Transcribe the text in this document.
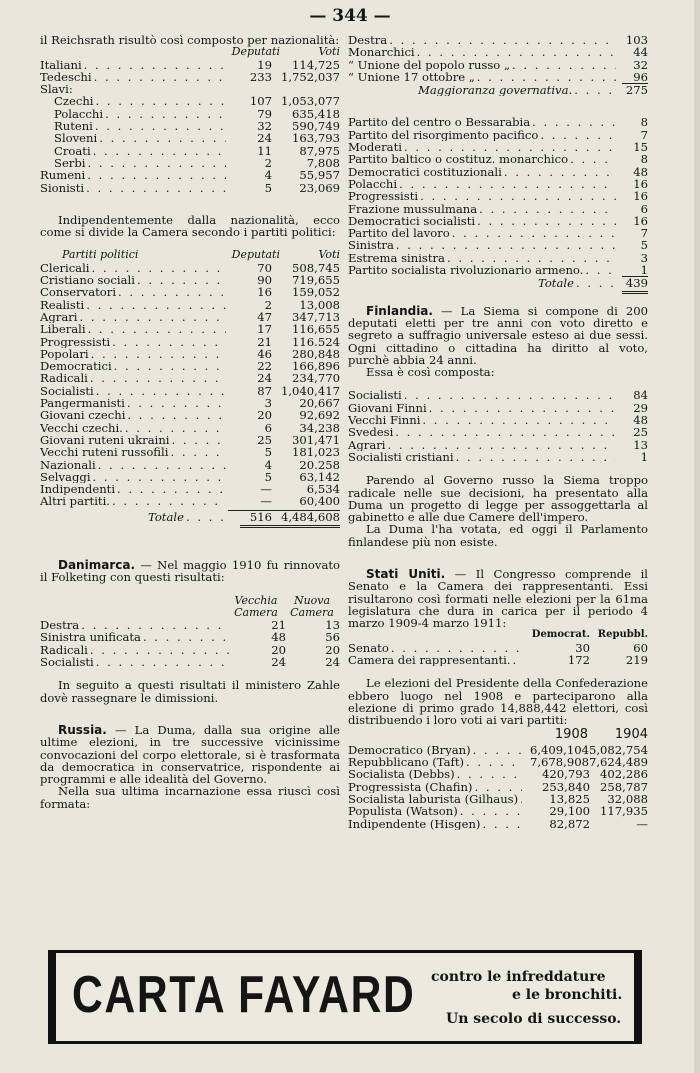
— 344 —

il Reichsrath risultò così composto per nazionalità:

Deputati	Voti
Italiani . . .	19	114,725
Tedeschi . . .	233 1,752,037
Slavi:
Czechi . . .	107 1,053,077
Polacchi . . .	79	635,418
Ruteni . . .	32	590,749
Sloveni . . .	24	163,793
Croati . . .	11	87,975
Serbi . . .	2	7,808
Rumeni . . .	4	55,957
Sionisti . . .	5	23,069

Indipendentemente dalla nazionalità, ecco come si divide la Camera secondo i partiti politici:

Partiti politici	Deputati	Voti
Clericali . . .	70	508,745
Cristiano sociali . . .	90	719,655
Conservatori . . .	16	159,052
Realisti . . .	2	13,008
Agrari . . .	47	347,713
Liberali . . .	17	116,655
Progressisti . . .	21	116.524
Popolari . . .	46	280,848
Democratici . . .	22	166,896
Radicali . . .	24	234,770
Socialisti . . .	87 1,040,417
Pangermanisti . . .	3	20,667
Giovani czechi . . .	20	92,692
Vecchi czechi. . . .	6	34,238
Giovani ruteni ukraini . . .	25	301,471
Vecchi ruteni russofili . . .	5	181,023
Nazionali . . .	4	20.258
Selvaggi . . .	5	63,142
Indipendenti . . .	—	6,534
Altri partiti. . . .	—	60,400
Totale . . .	516 4,484,608

Danimarca. — Nel maggio 1910 fu rinnovato il Folketing con questi risultati:

Vecchia	Nuova
Camera	Camera
Destra . . .	21	13
Sinistra unificata . . .	48	56
Radicali . . .	20	20
Socialisti . . .	24	24

In seguito a questi risultati il ministero Zahle dovè rassegnare le dimissioni.

Russia. — La Duma, dalla sua origine alle ultime elezioni, in tre successive vicinissime convocazioni del corpo elettorale, si è trasformata da democratica in conservatrice, rispondente ai programmi e alle idealità del Governo.

Nella sua ultima incarnazione essa riuscì così formata:

Destra . . .	103
Monarchici . . .	44
“ Unione del popolo russo „ . . .	32
“ Unione 17 ottobre „ . . .	96
Maggioranza governativa. . . .	275
Partito del centro o Bessarabia . . .	8
Partito del risorgimento pacifico . . .	7
Moderati . . .	15
Partito baltico o costituz. monarchico . . .	8
Democratici costituzionali . . .	48
Polacchi . . .	16
Progressisti . . .	16
Frazione mussulmana . . .	6
Democratici socialisti . . .	16
Partito del lavoro . . .	7
Sinistra . . .	5
Estrema sinistra . . .	3
Partito socialista rivoluzionario armeno. . . .	1
Totale . . .	439

Finlandia. — La Siema si compone di 200 deputati eletti per tre anni con voto diretto e segreto a suffragio universale esteso ai due sessi. Ogni cittadino o cittadina ha diritto al voto, purchè abbia 24 anni.

Essa è così composta:

Socialisti . . .	84
Giovani Finni . . .	29
Vecchi Finni . . .	48
Svedesi . . .	25
Agrari . . .	13
Socialisti cristiani . . .	1

Parendo al Governo russo la Siema troppo radicale nelle sue decisioni, ha presentato alla Duma un progetto di legge per assoggettarla al gabinetto e alle due Camere dell'impero.

La Duma l'ha votata, ed oggi il Parlamento finlandese più non esiste.

Stati Uniti. — Il Congresso comprende il Senato e la Camera dei rappresentanti. Essi risultarono così formati nelle elezioni per la 61ma legislatura che dura in carica per il periodo 4 marzo 1909-4 marzo 1911:

Democrat. Repubbl.
Senato . . .	30	60
Camera dei rappresentanti. . . .	172	219

Le elezioni del Presidente della Confederazione ebbero luogo nel 1908 e parteciparono alla elezione di primo grado 14,888,442 elettori, così distribuendo i loro voti ai vari partiti:

1908	1904
Democratico (Bryan) . . .	6,409,104 5,082,754
Repubblicano (Taft) . . .	7,678,908 7,624,489
Socialista (Debbs) . . .	420,793 402,286
Progressista (Chafin) . . .	253,840 258,787
Socialista laburista (Gilhaus) . . .	13,825	32,088
Populista (Watson) . . .	29,100 117,935
Indipendente (Hisgen) . . .	82,872	—
CARTA FAYARD contro le infreddature
e le bronchiti.
Un secolo di successo.
